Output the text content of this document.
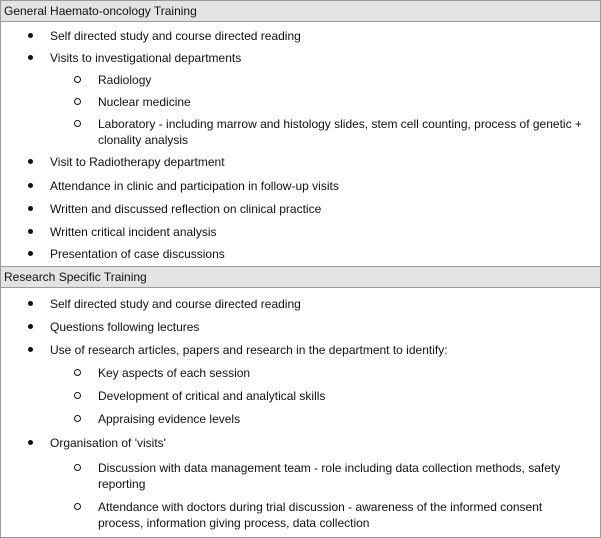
General Haemato-oncology Training
Self directed study and course directed reading
Visits to investigational departments
Radiology
Nuclear medicine
Laboratory - including marrow and histology slides, stem cell counting, process of genetic + clonality analysis
Visit to Radiotherapy department
Attendance in clinic and participation in follow-up visits
Written and discussed reflection on clinical practice
Written critical incident analysis
Presentation of case discussions
Research Specific Training
Self directed study and course directed reading
Questions following lectures
Use of research articles, papers and research in the department to identify:
Key aspects of each session
Development of critical and analytical skills
Appraising evidence levels
Organisation of 'visits'
Discussion with data management team - role including data collection methods, safety reporting
Attendance with doctors during trial discussion - awareness of the informed consent process, information giving process, data collection
